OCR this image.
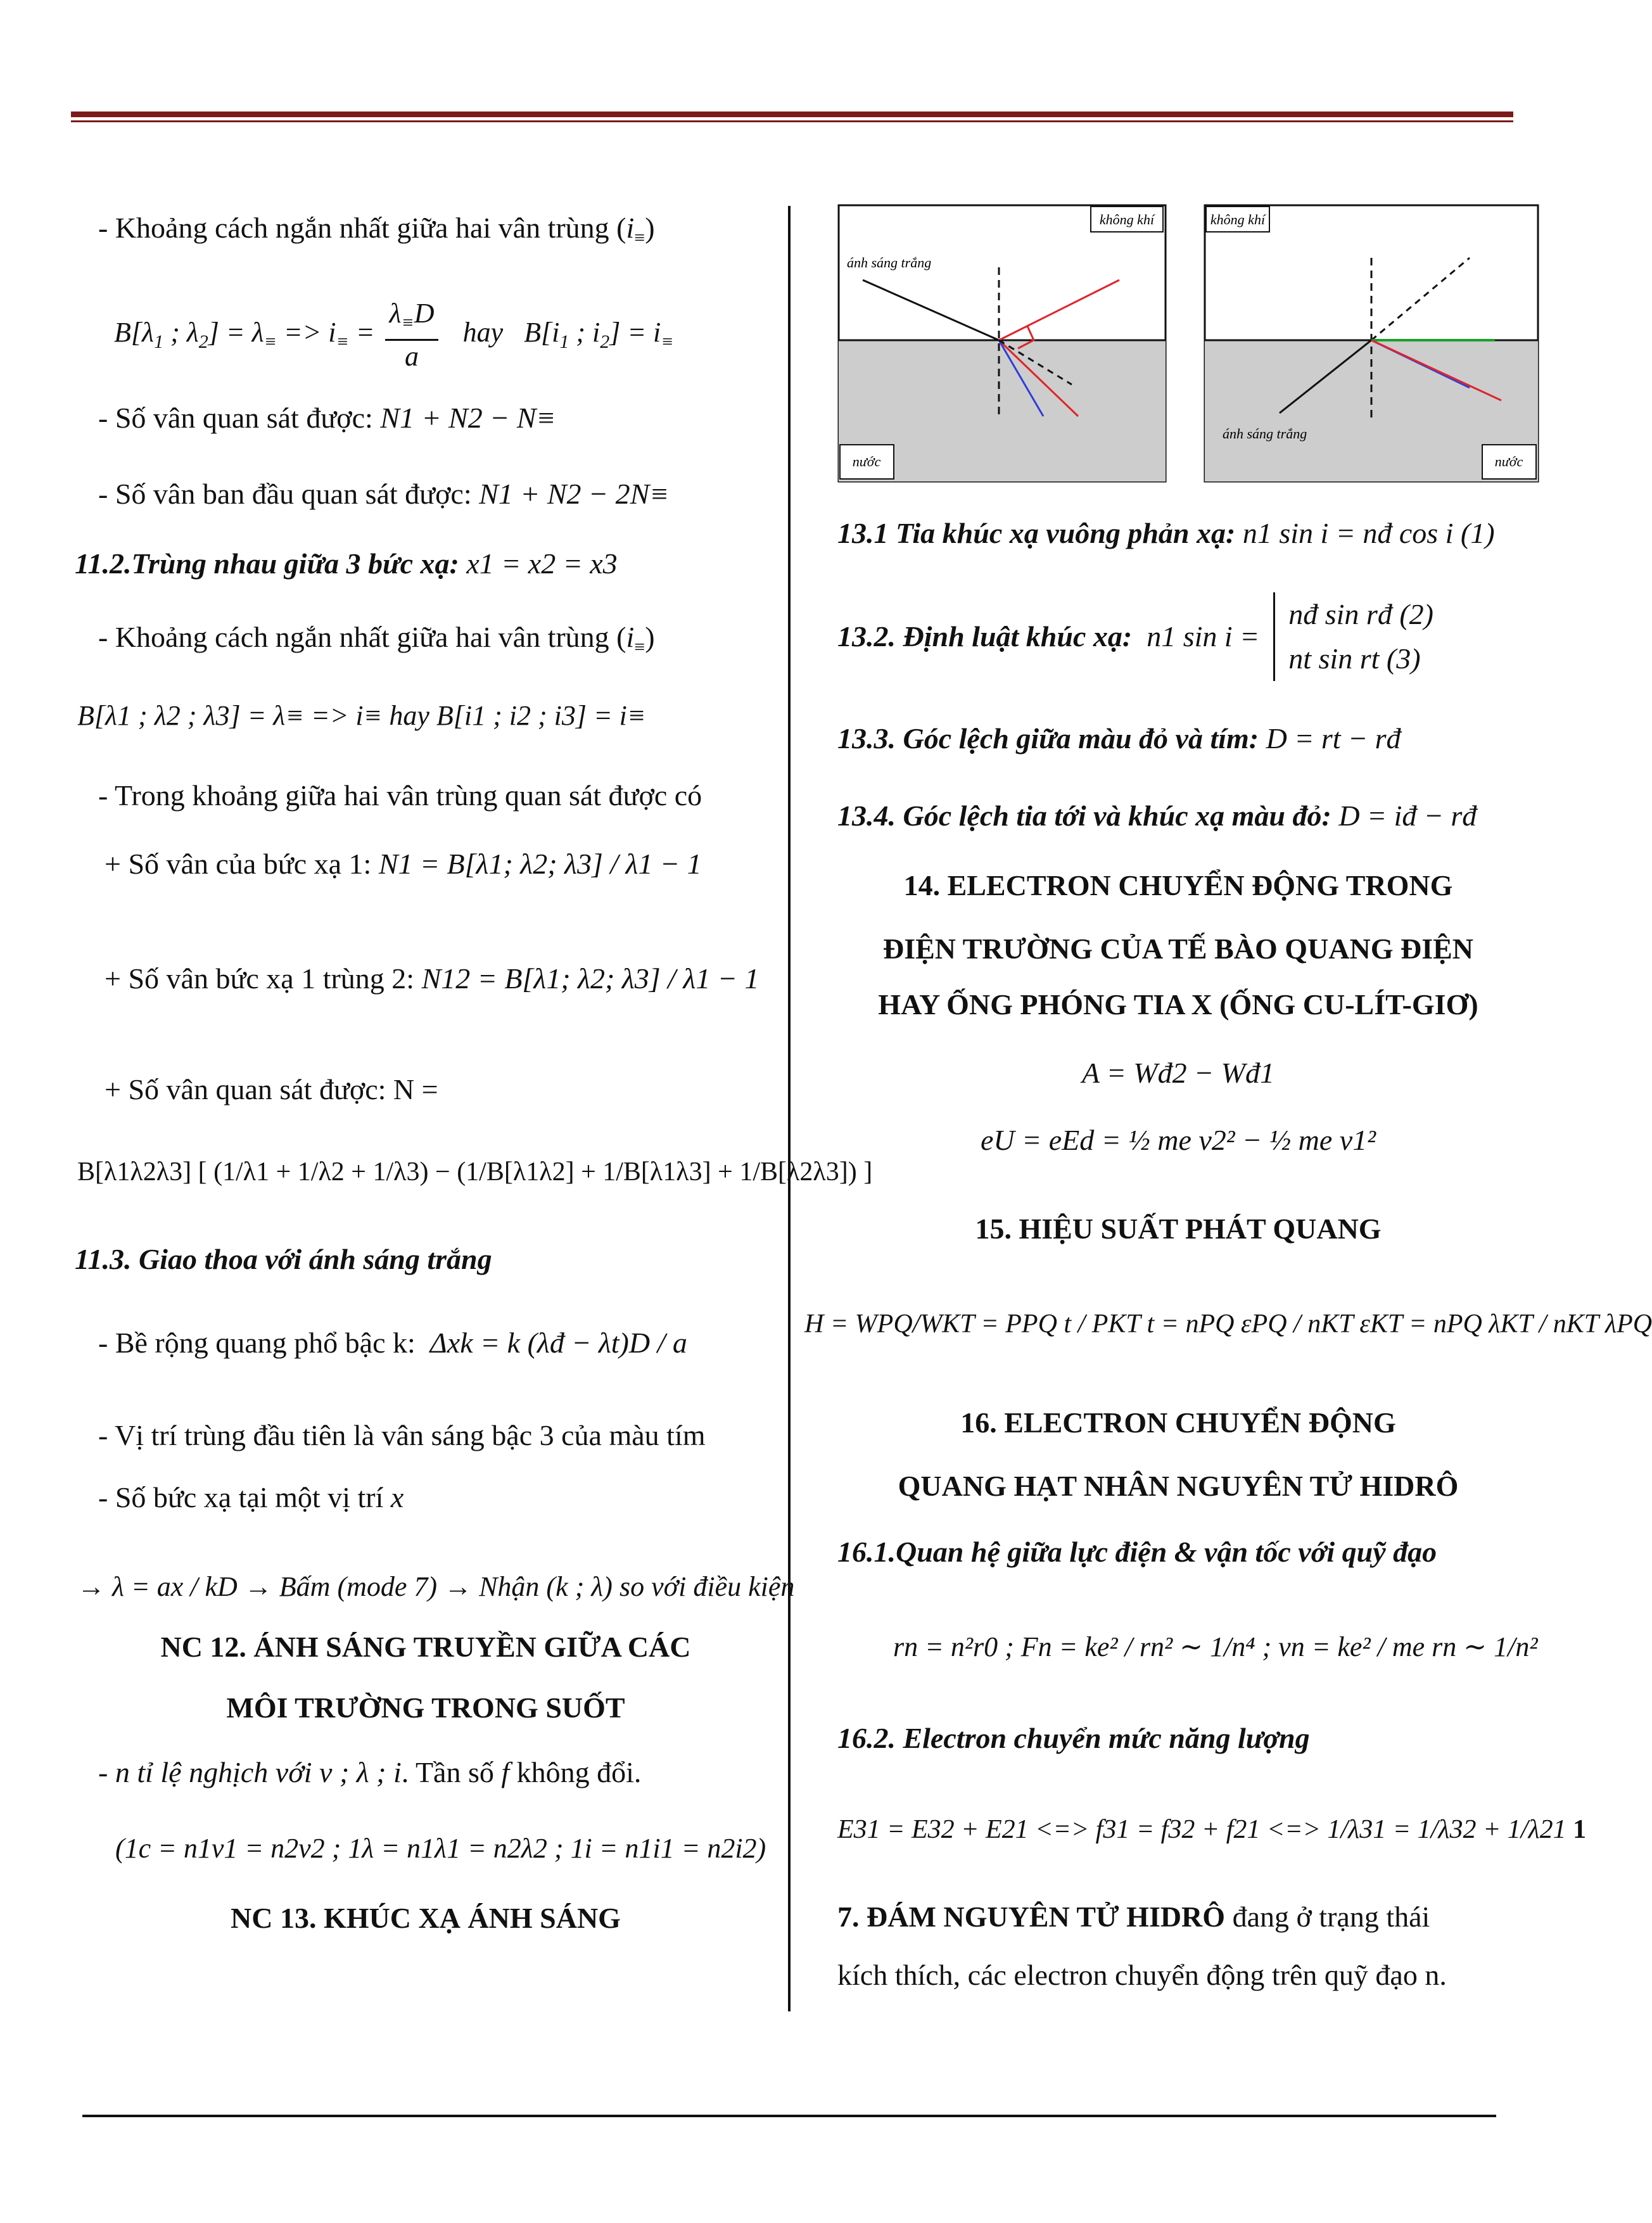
- Khoảng cách ngắn nhất giữa hai vân trùng $(i_\equiv)$
$B[\lambda_1$ ; $\lambda_2] = \lambda_\equiv => i_\equiv = \frac{\lambda_\equiv D}{a}$ hay   $B[i_1$ ; $i_2] = i_\equiv$
- Số vân quan sát được: N1 + N2 − N≡
- Số vân ban đầu quan sát được: N1 + N2 − 2N≡
11.2.Trùng nhau giữa 3 bức xạ: x1 = x2 = x3
- Khoảng cách ngắn nhất giữa hai vân trùng $(i_\equiv)$
B[λ1 ; λ2 ; λ3] = λ≡ => i≡ hay B[i1 ; i2 ; i3] = i≡
- Trong khoảng giữa hai vân trùng quan sát được có
+ Số vân của bức xạ 1: N1 = B[λ1; λ2; λ3] / λ1 − 1
+ Số vân bức xạ 1 trùng 2: N12 = B[λ1; λ2; λ3] / λ1 − 1
+ Số vân quan sát được: N =
B[λ1λ2λ3] [ (1/λ1 + 1/λ2 + 1/λ3) − (1/B[λ1λ2] + 1/B[λ1λ3] + 1/B[λ2λ3]) ]
11.3. Giao thoa với ánh sáng trắng
- Bề rộng quang phổ bậc k: Δxk = k (λđ − λt)D / a
- Vị trí trùng đầu tiên là vân sáng bậc 3 của màu tím
- Số bức xạ tại một vị trí x
→ λ = ax / kD → Bấm (mode 7) → Nhận (k ; λ) so với điều kiện
NC 12. ÁNH SÁNG TRUYỀN GIỮA CÁC
MÔI TRƯỜNG TRONG SUỐT
- n tỉ lệ nghịch với v ; λ ; i. Tần số f không đổi.
(1c = n1v1 = n2v2 ; 1λ = n1λ1 = n2λ2 ; 1i = n1i1 = n2i2)
NC 13. KHÚC XẠ ÁNH SÁNG
không khí
ánh sáng trắng
nước
không khí
ánh sáng trắng
nước
13.1 Tia khúc xạ vuông phản xạ: n1 sin i = nđ cos i (1)
13.2. Định luật khúc xạ: n1 sin i =
nđ sin rđ (2)
nt sin rt (3)
13.3. Góc lệch giữa màu đỏ và tím: D = rt − rđ
13.4. Góc lệch tia tới và khúc xạ màu đỏ: D = iđ − rđ
14. ELECTRON CHUYỂN ĐỘNG TRONG
ĐIỆN TRƯỜNG CỦA TẾ BÀO QUANG ĐIỆN
HAY ỐNG PHÓNG TIA X (ỐNG CU-LÍT-GIƠ)
A = Wđ2 − Wđ1
eU = eEd = ½ me v2² − ½ me v1²
15. HIỆU SUẤT PHÁT QUANG
H = WPQ/WKT = PPQ t / PKT t = nPQ εPQ / nKT εKT = nPQ λKT / nKT λPQ
16. ELECTRON CHUYỂN ĐỘNG
QUANG HẠT NHÂN NGUYÊN TỬ HIDRÔ
16.1.Quan hệ giữa lực điện & vận tốc với quỹ đạo
rn = n²r0 ; Fn = ke² / rn² ∼ 1/n⁴ ; vn = ke² / me rn ∼ 1/n²
16.2. Electron chuyển mức năng lượng
E31 = E32 + E21 <=> f31 = f32 + f21 <=> 1/λ31 = 1/λ32 + 1/λ21 1
7. ĐÁM NGUYÊN TỬ HIDRÔ đang ở trạng thái
kích thích, các electron chuyển động trên quỹ đạo n.
